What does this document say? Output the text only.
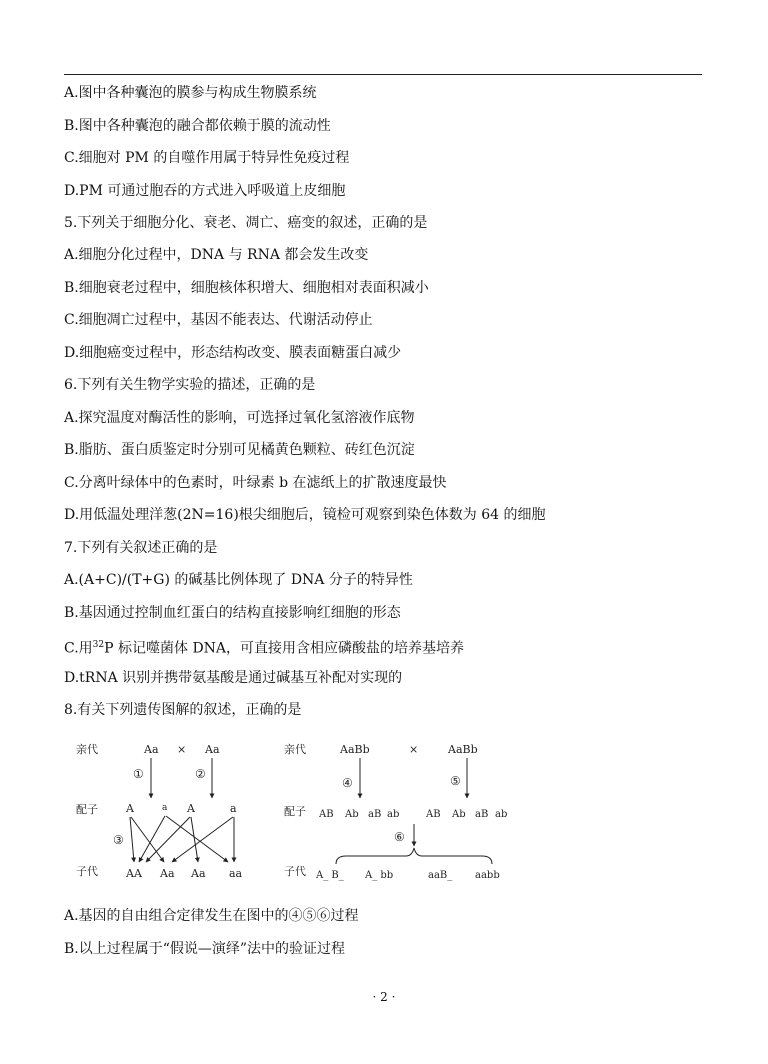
A.图中各种囊泡的膜参与构成生物膜系统
B.图中各种囊泡的融合都依赖于膜的流动性
C.细胞对 PM 的自噬作用属于特异性免疫过程
D.PM 可通过胞吞的方式进入呼吸道上皮细胞
5.下列关于细胞分化、衰老、凋亡、癌变的叙述，正确的是
A.细胞分化过程中，DNA 与 RNA 都会发生改变
B.细胞衰老过程中，细胞核体积增大、细胞相对表面积减小
C.细胞凋亡过程中，基因不能表达、代谢活动停止
D.细胞癌变过程中，形态结构改变、膜表面糖蛋白减少
6.下列有关生物学实验的描述，正确的是
A.探究温度对酶活性的影响，可选择过氧化氢溶液作底物
B.脂肪、蛋白质鉴定时分别可见橘黄色颗粒、砖红色沉淀
C.分离叶绿体中的色素时，叶绿素 b 在滤纸上的扩散速度最快
D.用低温处理洋葱(2N=16)根尖细胞后，镜检可观察到染色体数为 64 的细胞
7.下列有关叙述正确的是
A.(A+C)/(T+G) 的碱基比例体现了 DNA 分子的特异性
B.基因通过控制血红蛋白的结构直接影响红细胞的形态
C.用$^{32}$P 标记噬菌体 DNA，可直接用含相应磷酸盐的培养基培养
D.tRNA 识别并携带氨基酸是通过碱基互补配对实现的
8.有关下列遗传图解的叙述，正确的是
亲代	Aa × Aa
①	②
配子	A	a A	a
③
子代	AA Aa Aa aa
亲代	AaBb	×	AaBb
④	⑤
配子 AB Ab aB ab	AB Ab aB ab
⑥
子代 A_ B_ A_ bb	aaB_ aabb
A.基因的自由组合定律发生在图中的④⑤⑥过程
B.以上过程属于“假说—演绎”法中的验证过程
· 2 ·
